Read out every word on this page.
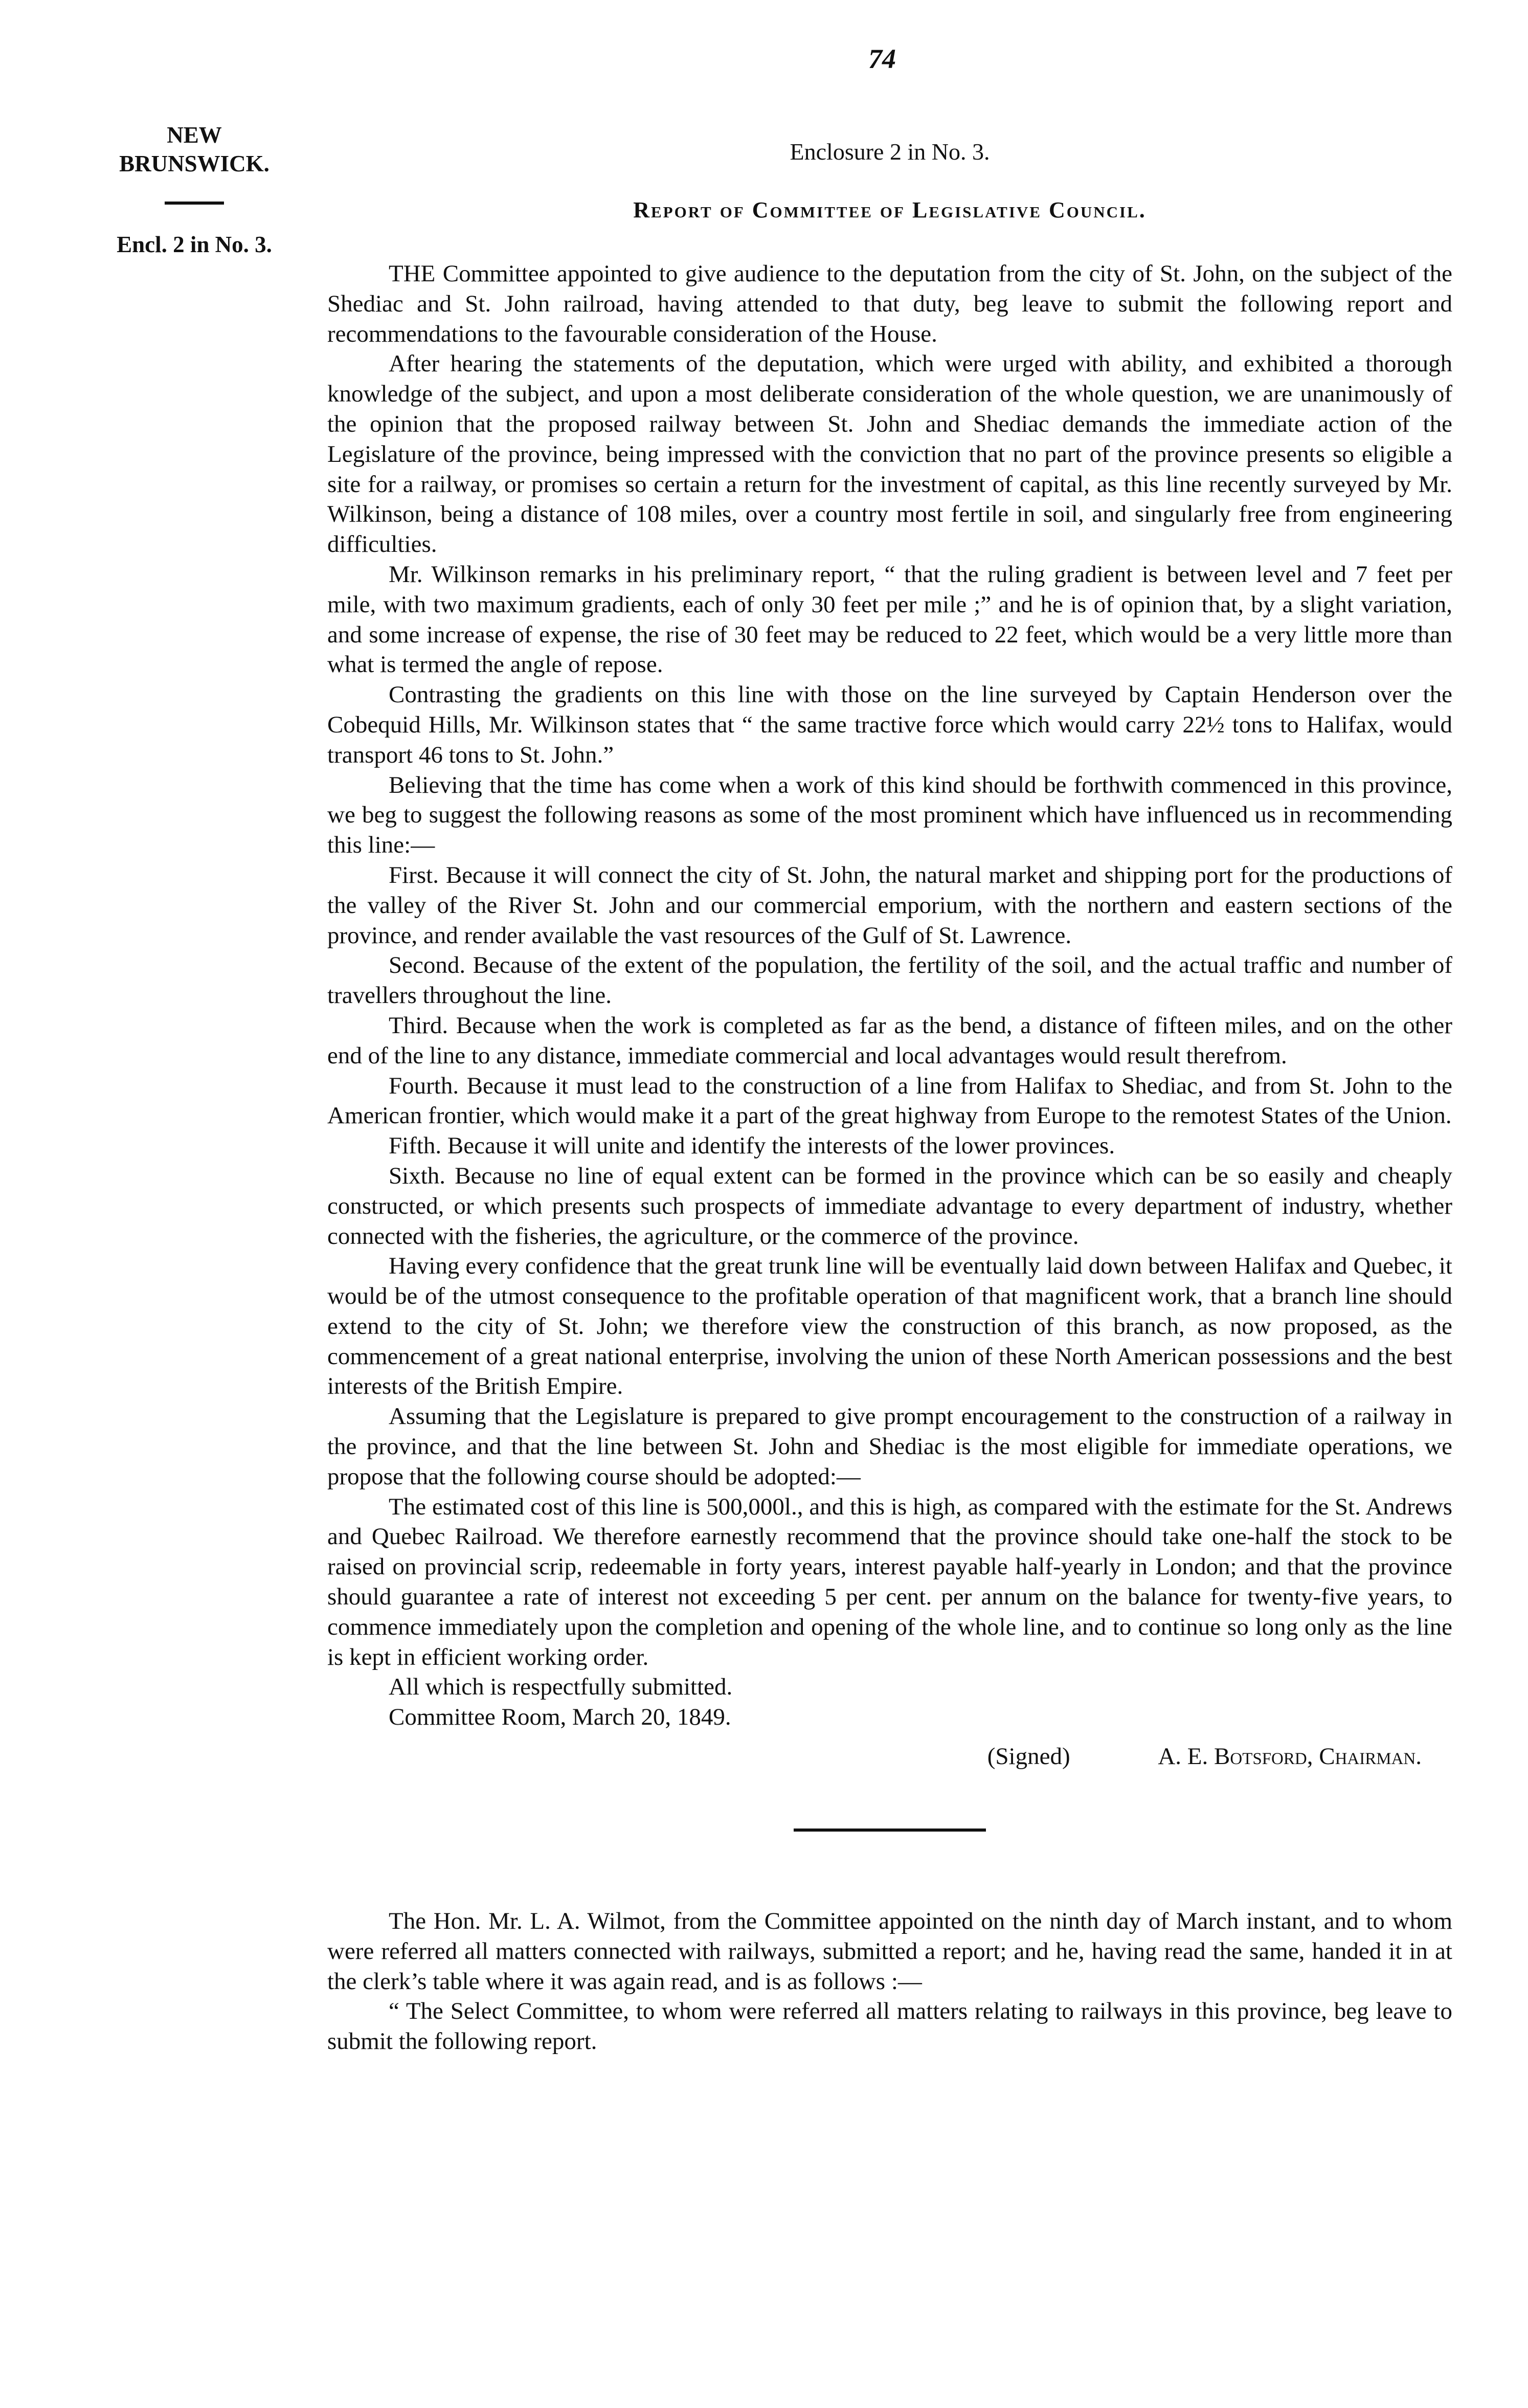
74
NEW
BRUNSWICK.
Encl. 2 in No. 3.
Enclosure 2 in No. 3.
Report of Committee of Legislative Council.

THE Committee appointed to give audience to the deputation from the city of St. John, on the subject of the Shediac and St. John railroad, having attended to that duty, beg leave to submit the following report and recommendations to the favourable consideration of the House.

After hearing the statements of the deputation, which were urged with ability, and exhibited a thorough knowledge of the subject, and upon a most deliberate consideration of the whole question, we are unanimously of the opinion that the proposed railway between St. John and Shediac demands the immediate action of the Legislature of the province, being impressed with the conviction that no part of the province presents so eligible a site for a railway, or promises so certain a return for the investment of capital, as this line recently surveyed by Mr. Wilkinson, being a distance of 108 miles, over a country most fertile in soil, and singularly free from engineering difficulties.

Mr. Wilkinson remarks in his preliminary report, “ that the ruling gradient is between level and 7 feet per mile, with two maximum gradients, each of only 30 feet per mile ;” and he is of opinion that, by a slight variation, and some increase of expense, the rise of 30 feet may be reduced to 22 feet, which would be a very little more than what is termed the angle of repose.

Contrasting the gradients on this line with those on the line surveyed by Captain Henderson over the Cobequid Hills, Mr. Wilkinson states that “ the same tractive force which would carry 22½ tons to Halifax, would transport 46 tons to St. John.”

Believing that the time has come when a work of this kind should be forthwith commenced in this province, we beg to suggest the following reasons as some of the most prominent which have influenced us in recommending this line:—

First. Because it will connect the city of St. John, the natural market and shipping port for the productions of the valley of the River St. John and our commercial emporium, with the northern and eastern sections of the province, and render available the vast resources of the Gulf of St. Lawrence.

Second. Because of the extent of the population, the fertility of the soil, and the actual traffic and number of travellers throughout the line.

Third. Because when the work is completed as far as the bend, a distance of fifteen miles, and on the other end of the line to any distance, immediate commercial and local advantages would result therefrom.

Fourth. Because it must lead to the construction of a line from Halifax to Shediac, and from St. John to the American frontier, which would make it a part of the great highway from Europe to the remotest States of the Union.

Fifth. Because it will unite and identify the interests of the lower provinces.

Sixth. Because no line of equal extent can be formed in the province which can be so easily and cheaply constructed, or which presents such prospects of immediate advantage to every department of industry, whether connected with the fisheries, the agriculture, or the commerce of the province.

Having every confidence that the great trunk line will be eventually laid down between Halifax and Quebec, it would be of the utmost consequence to the profitable operation of that magnificent work, that a branch line should extend to the city of St. John; we therefore view the construction of this branch, as now proposed, as the commencement of a great national enterprise, involving the union of these North American possessions and the best interests of the British Empire.

Assuming that the Legislature is prepared to give prompt encouragement to the construction of a railway in the province, and that the line between St. John and Shediac is the most eligible for immediate operations, we propose that the following course should be adopted:—

The estimated cost of this line is 500,000l., and this is high, as compared with the estimate for the St. Andrews and Quebec Railroad. We therefore earnestly recommend that the province should take one-half the stock to be raised on provincial scrip, redeemable in forty years, interest payable half-yearly in London; and that the province should guarantee a rate of interest not exceeding 5 per cent. per annum on the balance for twenty-five years, to commence immediately upon the completion and opening of the whole line, and to continue so long only as the line is kept in efficient working order.

All which is respectfully submitted.

Committee Room, March 20, 1849.

(Signed)	A. E. Botsford, Chairman.

The Hon. Mr. L. A. Wilmot, from the Committee appointed on the ninth day of March instant, and to whom were referred all matters connected with railways, submitted a report; and he, having read the same, handed it in at the clerk’s table where it was again read, and is as follows :—

“ The Select Committee, to whom were referred all matters relating to railways in this province, beg leave to submit the following report.
